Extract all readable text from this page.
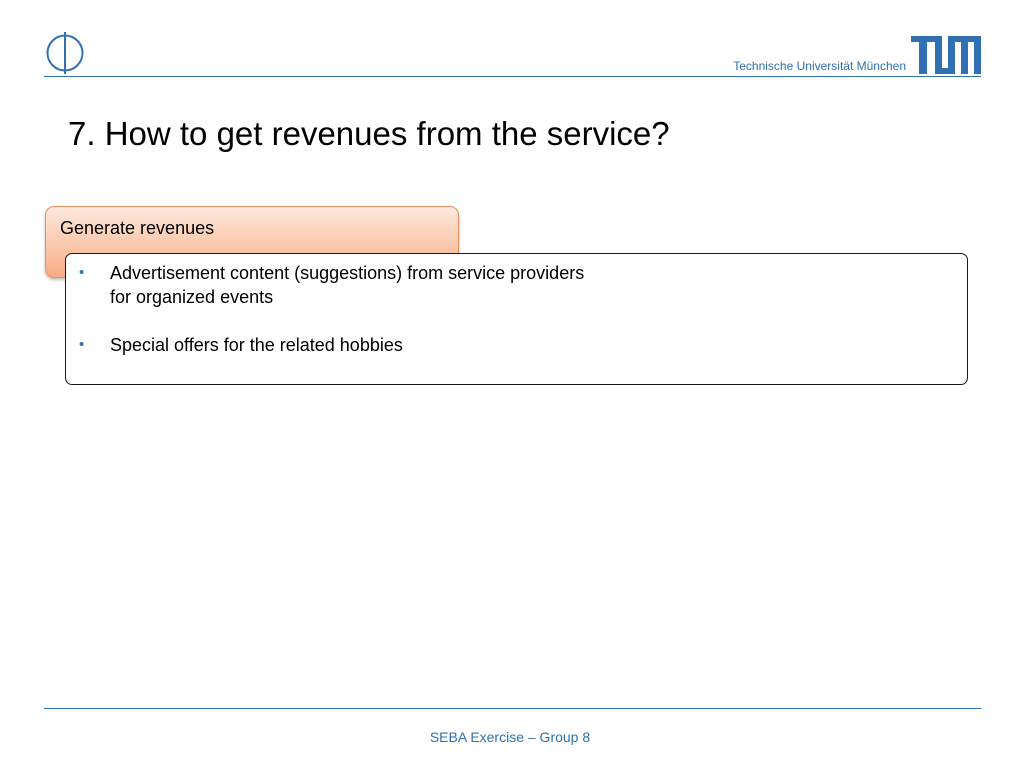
Technische Universität München
7. How to get revenues from the service?
Generate revenues
• Advertisement content (suggestions) from service providers
for organized events
• Special offers for the related hobbies
SEBA Exercise – Group 8
